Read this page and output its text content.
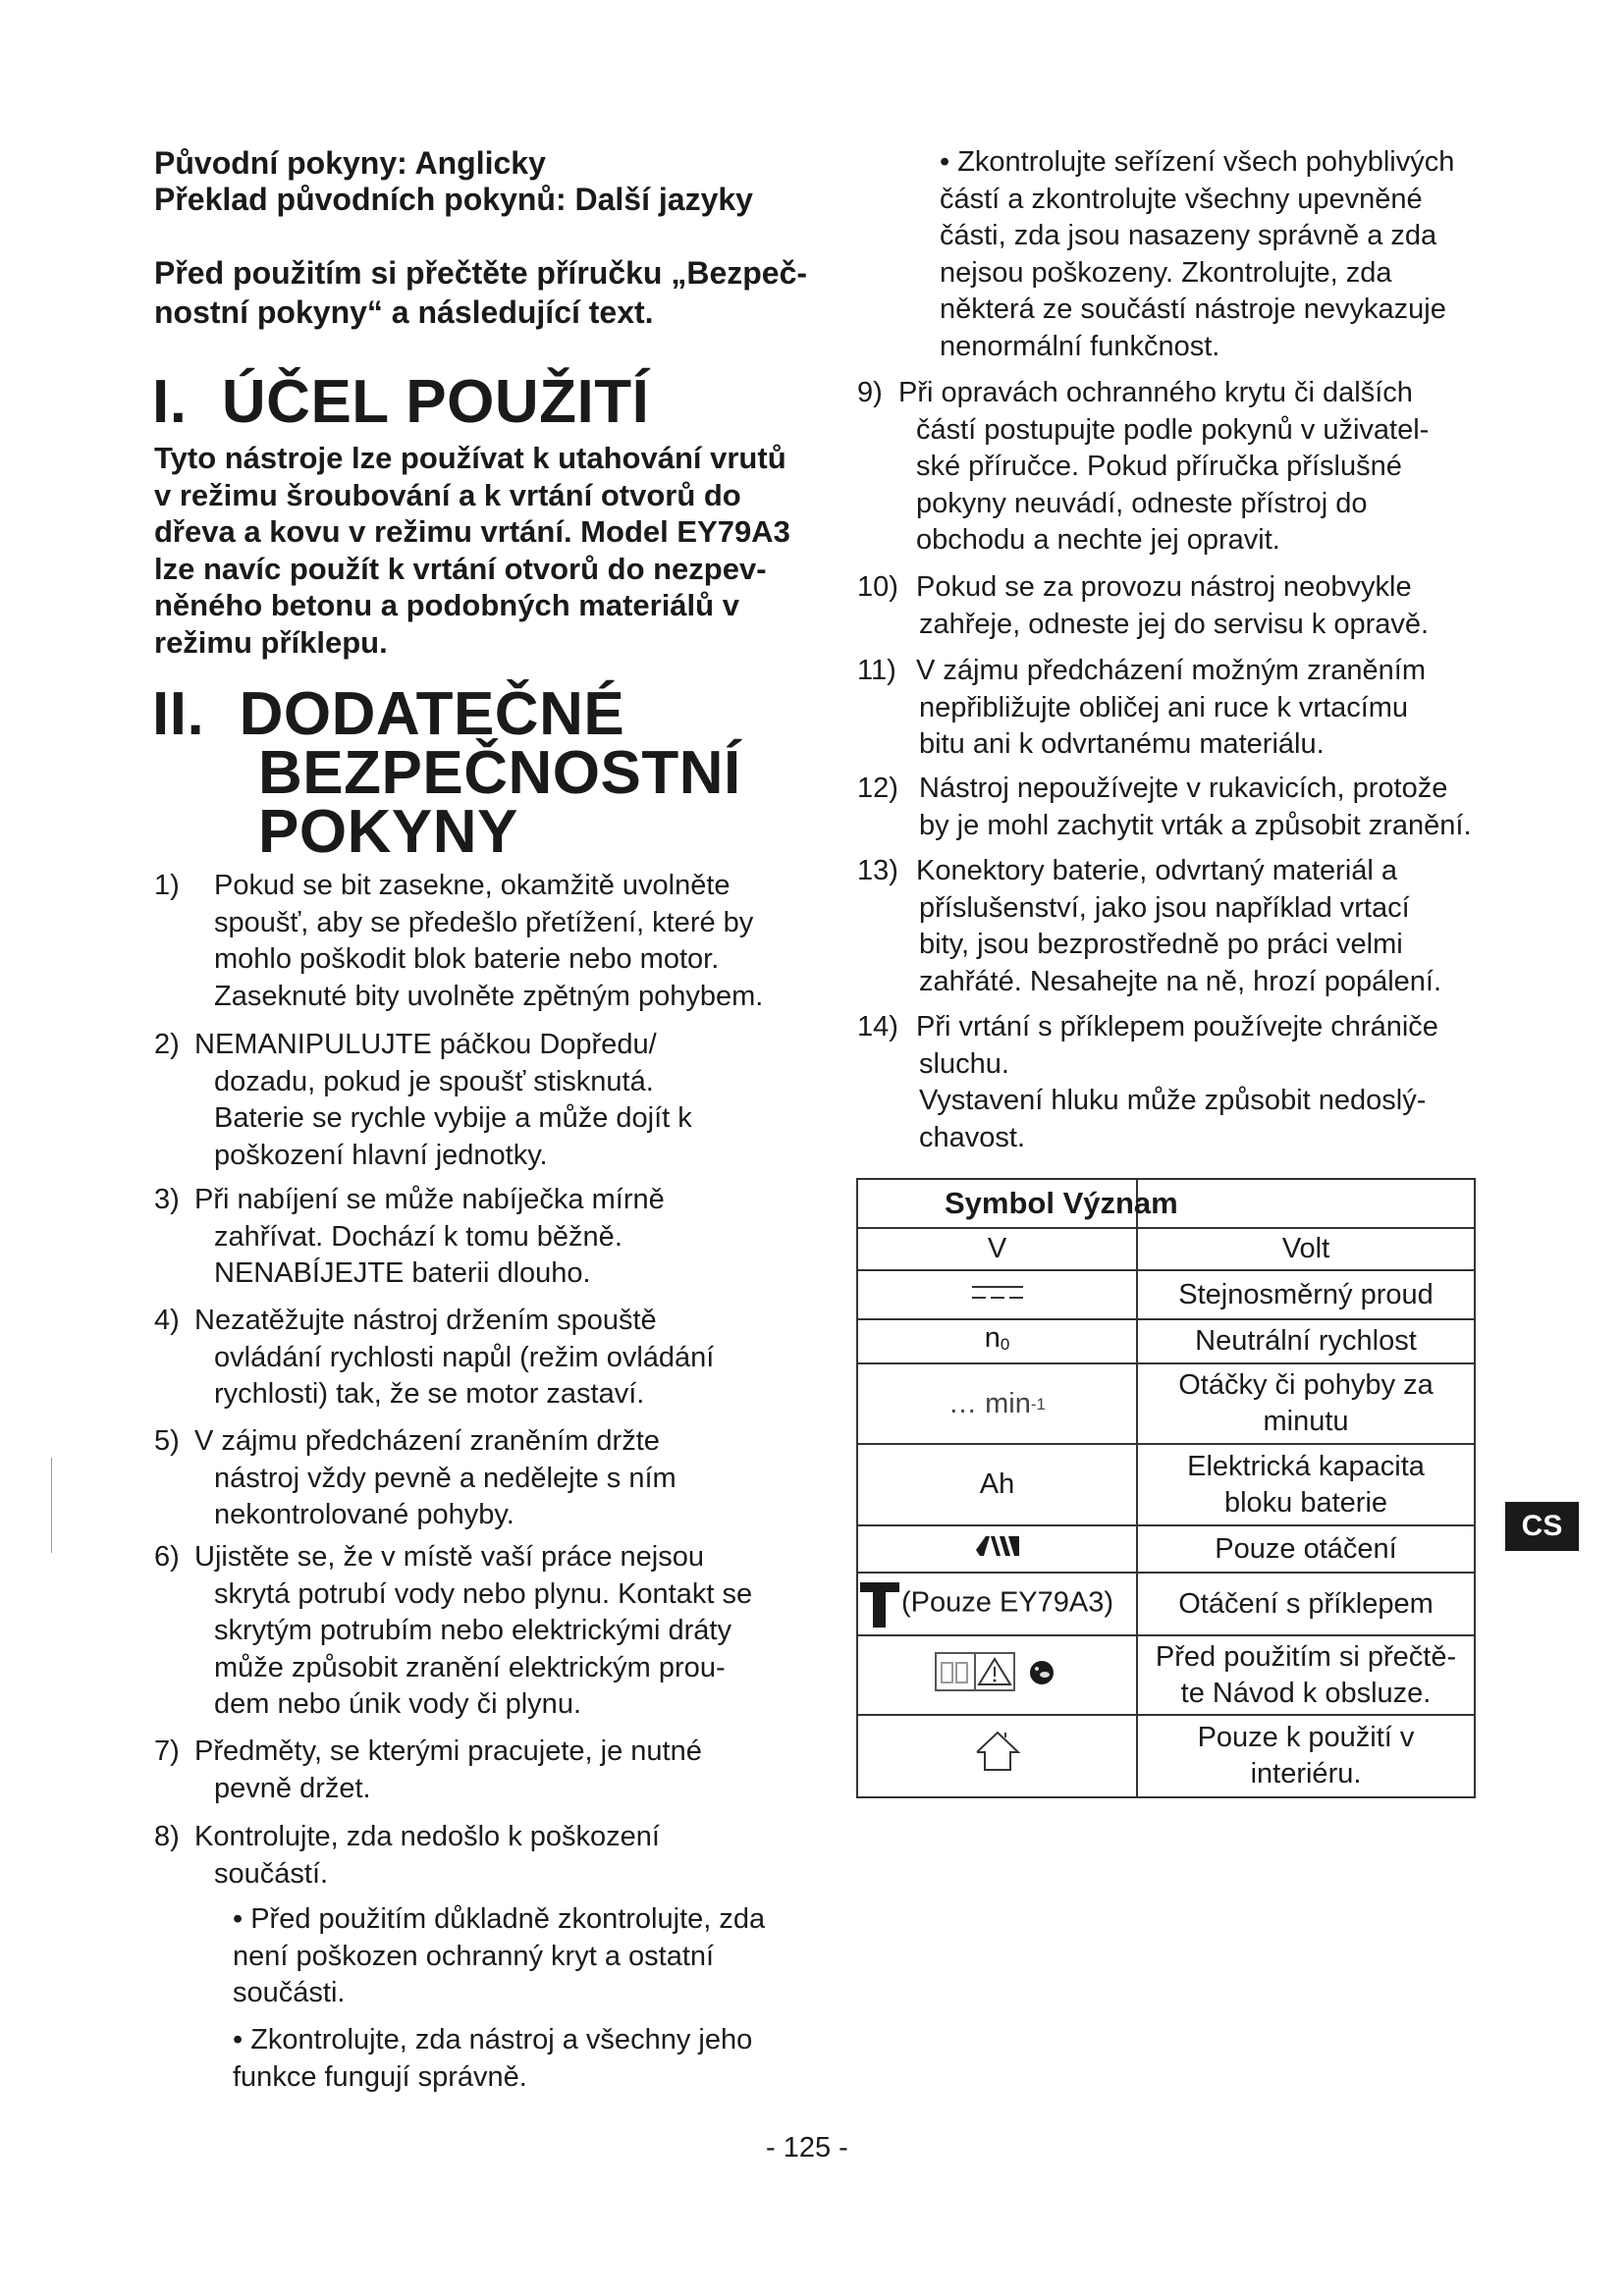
Původní pokyny: Anglicky
Překlad původních pokynů: Další jazyky
Před použitím si přečtěte příručku „Bezpeč-
nostní pokyny“ a následující text.
I.  ÚČEL POUŽITÍ
Tyto nástroje lze používat k utahování vrutů
v režimu šroubování a k vrtání otvorů do
dřeva a kovu v režimu vrtání. Model EY79A3
lze navíc použít k vrtání otvorů do nezpev-
něného betonu a podobných materiálů v
režimu příklepu.
II.  DODATEČNÉ
BEZPEČNOSTNÍ
POKYNY
1) Pokud se bit zasekne, okamžitě uvolněte
spoušť, aby se předešlo přetížení, které by
mohlo poškodit blok baterie nebo motor.
Zaseknuté bity uvolněte zpětným pohybem.
2) NEMANIPULUJTE páčkou Dopředu/
dozadu, pokud je spoušť stisknutá.
Baterie se rychle vybije a může dojít k
poškození hlavní jednotky.
3) Při nabíjení se může nabíječka mírně
zahřívat. Dochází k tomu běžně.
NENABÍJEJTE baterii dlouho.
4) Nezatěžujte nástroj držením spouště
ovládání rychlosti napůl (režim ovládání
rychlosti) tak, že se motor zastaví.
5) V zájmu předcházení zraněním držte
nástroj vždy pevně a nedělejte s ním
nekontrolované pohyby.
6) Ujistěte se, že v místě vaší práce nejsou
skrytá potrubí vody nebo plynu. Kontakt se
skrytým potrubím nebo elektrickými dráty
může způsobit zranění elektrickým prou-
dem nebo únik vody či plynu.
7) Předměty, se kterými pracujete, je nutné
pevně držet.
8) Kontrolujte, zda nedošlo k poškození
součástí.
• Před použitím důkladně zkontrolujte, zda
není poškozen ochranný kryt a ostatní
součásti.
• Zkontrolujte, zda nástroj a všechny jeho
funkce fungují správně.
• Zkontrolujte seřízení všech pohyblivých
částí a zkontrolujte všechny upevněné
části, zda jsou nasazeny správně a zda
nejsou poškozeny. Zkontrolujte, zda
některá ze součástí nástroje nevykazuje
nenormální funkčnost.
9) Při opravách ochranného krytu či dalších
částí postupujte podle pokynů v uživatel-
ské příručce. Pokud příručka příslušné
pokyny neuvádí, odneste přístroj do
obchodu a nechte jej opravit.
10) Pokud se za provozu nástroj neobvykle
zahřeje, odneste jej do servisu k opravě.
11) V zájmu předcházení možným zraněním
nepřibližujte obličej ani ruce k vrtacímu
bitu ani k odvrtanému materiálu.
12) Nástroj nepoužívejte v rukavicích, protože
by je mohl zachytit vrták a způsobit zranění.
13) Konektory baterie, odvrtaný materiál a
příslušenství, jako jsou například vrtací
bity, jsou bezprostředně po práci velmi
zahřáté. Nesahejte na ně, hrozí popálení.
14) Při vrtání s příklepem používejte chrániče
sluchu.
Vystavení hluku může způsobit nedoslý-
chavost.

V	Volt
	Stejnosměrný proud
n0	Neutrální rychlost
… $\min^{-1}$	Otáčky či pohyby za
minutu
Ah	Elektrická kapacita
bloku baterie
	Pouze otáčení
(Pouze EY79A3)	Otáčení s příklepem
	Před použitím si přečtě-
te Návod k obsluze.
	Pouze k použití v
interiéru.
Symbol Význam
CS
- 125 -
